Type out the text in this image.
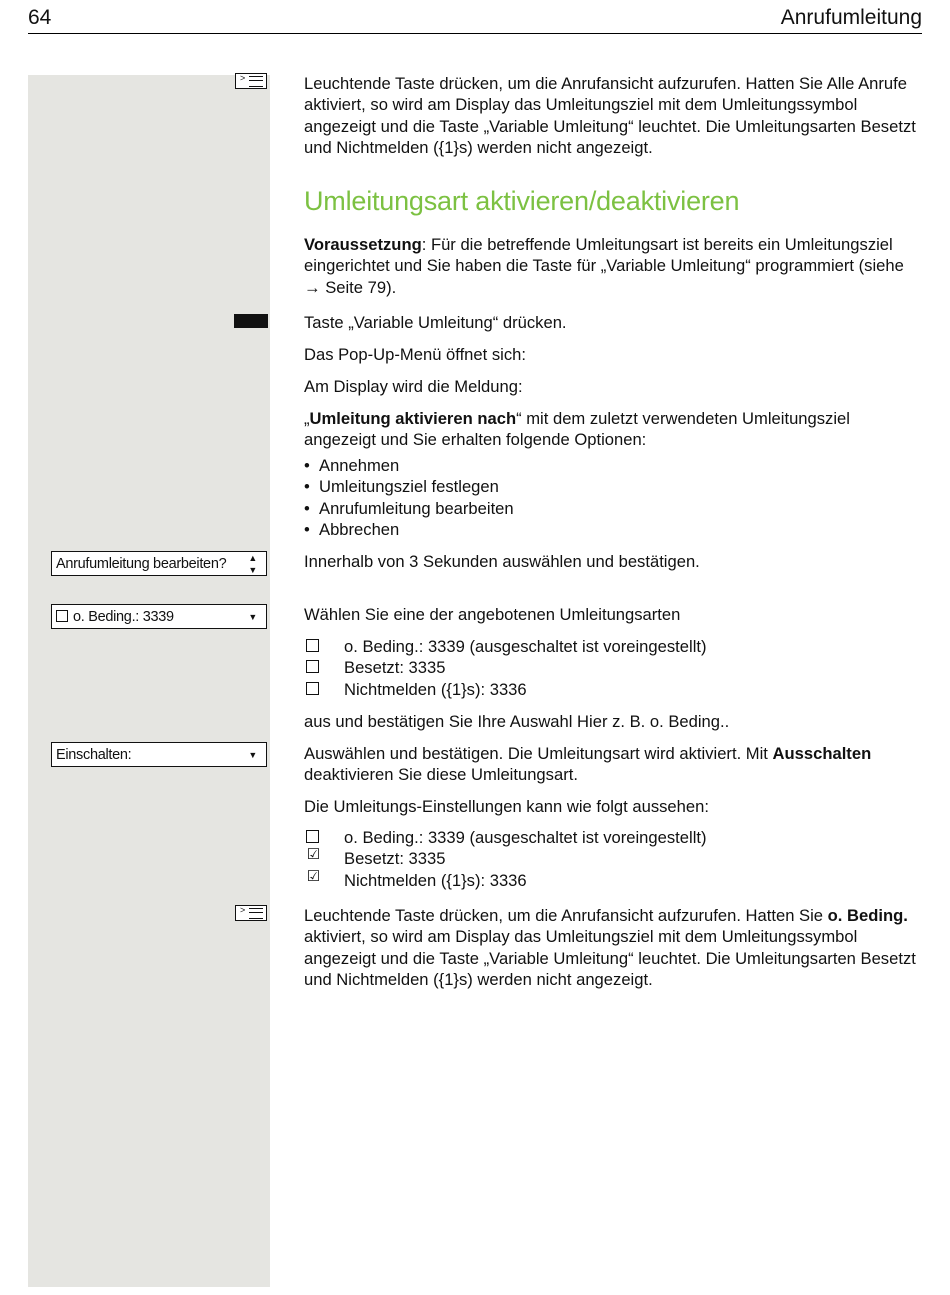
64	Anrufumleitung
>
Anrufumleitung bearbeiten? ▲
▼
o. Beding.: 3339	▼
Einschalten:	▼
>

Leuchtende Taste drücken, um die Anrufansicht aufzurufen. Hatten Sie Alle Anrufe aktiviert, so wird am Display das Umleitungsziel mit dem Umleitungssymbol angezeigt und die Taste „Variable Umleitung“ leuchtet. Die Umleitungsarten Besetzt und Nichtmelden ({1}s) werden nicht angezeigt.

Umleitungsart aktivieren/deaktivieren

Voraussetzung: Für die betreffende Umleitungsart ist bereits ein Umleitungsziel eingerichtet und Sie haben die Taste für „Variable Umleitung“ programmiert (siehe → Seite 79).

Taste „Variable Umleitung“ drücken.

Das Pop-Up-Menü öffnet sich:

Am Display wird die Meldung:

„Umleitung aktivieren nach“ mit dem zuletzt verwendeten Umleitungsziel angezeigt und Sie erhalten folgende Optionen:

• Annehmen
• Umleitungsziel festlegen
• Anrufumleitung bearbeiten
• Abbrechen

Innerhalb von 3 Sekunden auswählen und bestätigen.

Wählen Sie eine der angebotenen Umleitungsarten

o. Beding.: 3339 (ausgeschaltet ist voreingestellt)
Besetzt: 3335
Nichtmelden ({1}s): 3336

aus und bestätigen Sie Ihre Auswahl Hier z. B. o. Beding..

Auswählen und bestätigen. Die Umleitungsart wird aktiviert. Mit Ausschalten deaktivieren Sie diese Umleitungsart.

Die Umleitungs-Einstellungen kann wie folgt aussehen:

o. Beding.: 3339 (ausgeschaltet ist voreingestellt)
☑ Besetzt: 3335
☑ Nichtmelden ({1}s): 3336

Leuchtende Taste drücken, um die Anrufansicht aufzurufen. Hatten Sie o. Beding. aktiviert, so wird am Display das Umleitungsziel mit dem Umleitungssymbol angezeigt und die Taste „Variable Umleitung“ leuchtet. Die Umleitungsarten Besetzt und Nichtmelden ({1}s) werden nicht angezeigt.
